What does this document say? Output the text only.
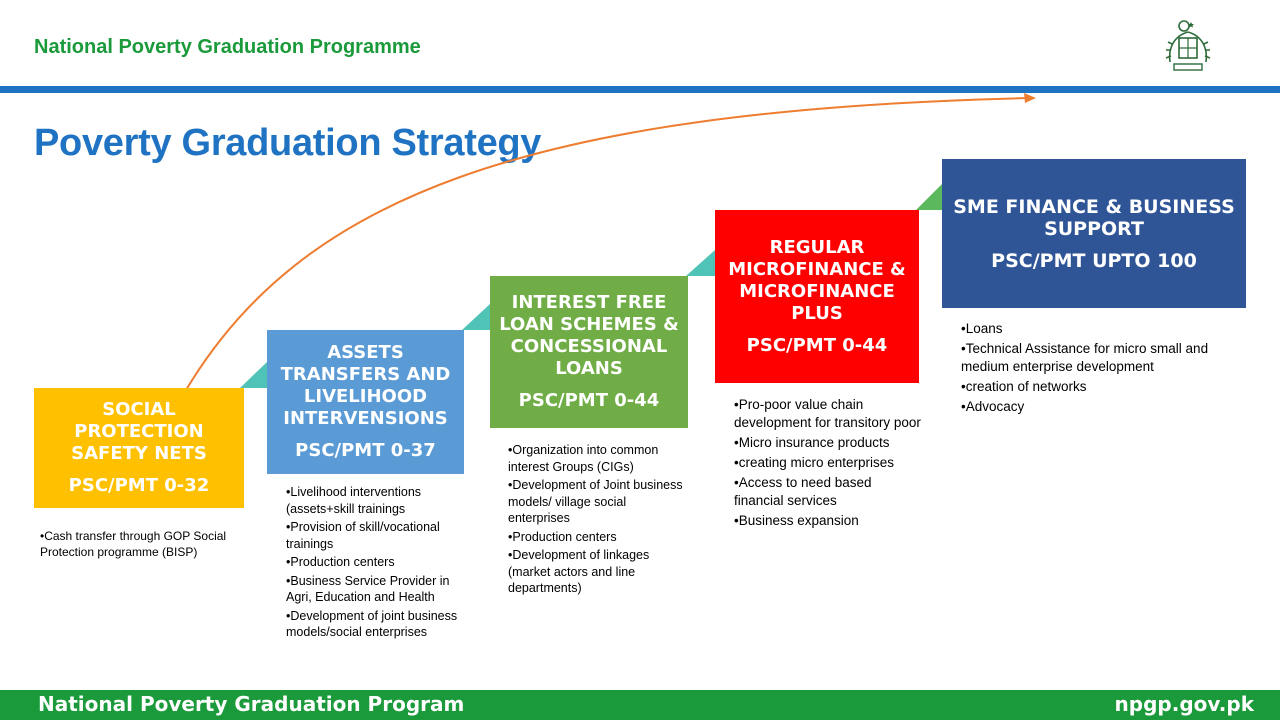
National Poverty Graduation Programme
Poverty Graduation Strategy
SOCIAL PROTECTION SAFETY NETS
PSC/PMT 0-32
ASSETS TRANSFERS AND LIVELIHOOD INTERVENSIONS
PSC/PMT 0-37
INTEREST FREE LOAN SCHEMES & CONCESSIONAL LOANS
PSC/PMT 0-44
REGULAR MICROFINANCE & MICROFINANCE PLUS
PSC/PMT 0-44
SME FINANCE & BUSINESS SUPPORT
PSC/PMT UPTO 100
•Cash transfer through GOP Social Protection programme (BISP)
•Livelihood interventions (assets+skill trainings
•Provision of skill/vocational trainings
•Production centers
•Business Service Provider in Agri, Education and Health
•Development of joint business models/social enterprises
•Organization into common interest Groups (CIGs)
•Development of Joint business models/ village social enterprises
•Production centers
•Development of linkages (market actors and line departments)
•Pro-poor value chain development for transitory poor
•Micro insurance products
•creating micro enterprises
•Access to need based financial services
•Business expansion
•Loans
•Technical Assistance for micro small and medium enterprise development
•creation of networks
•Advocacy
National Poverty Graduation Program	npgp.gov.pk
